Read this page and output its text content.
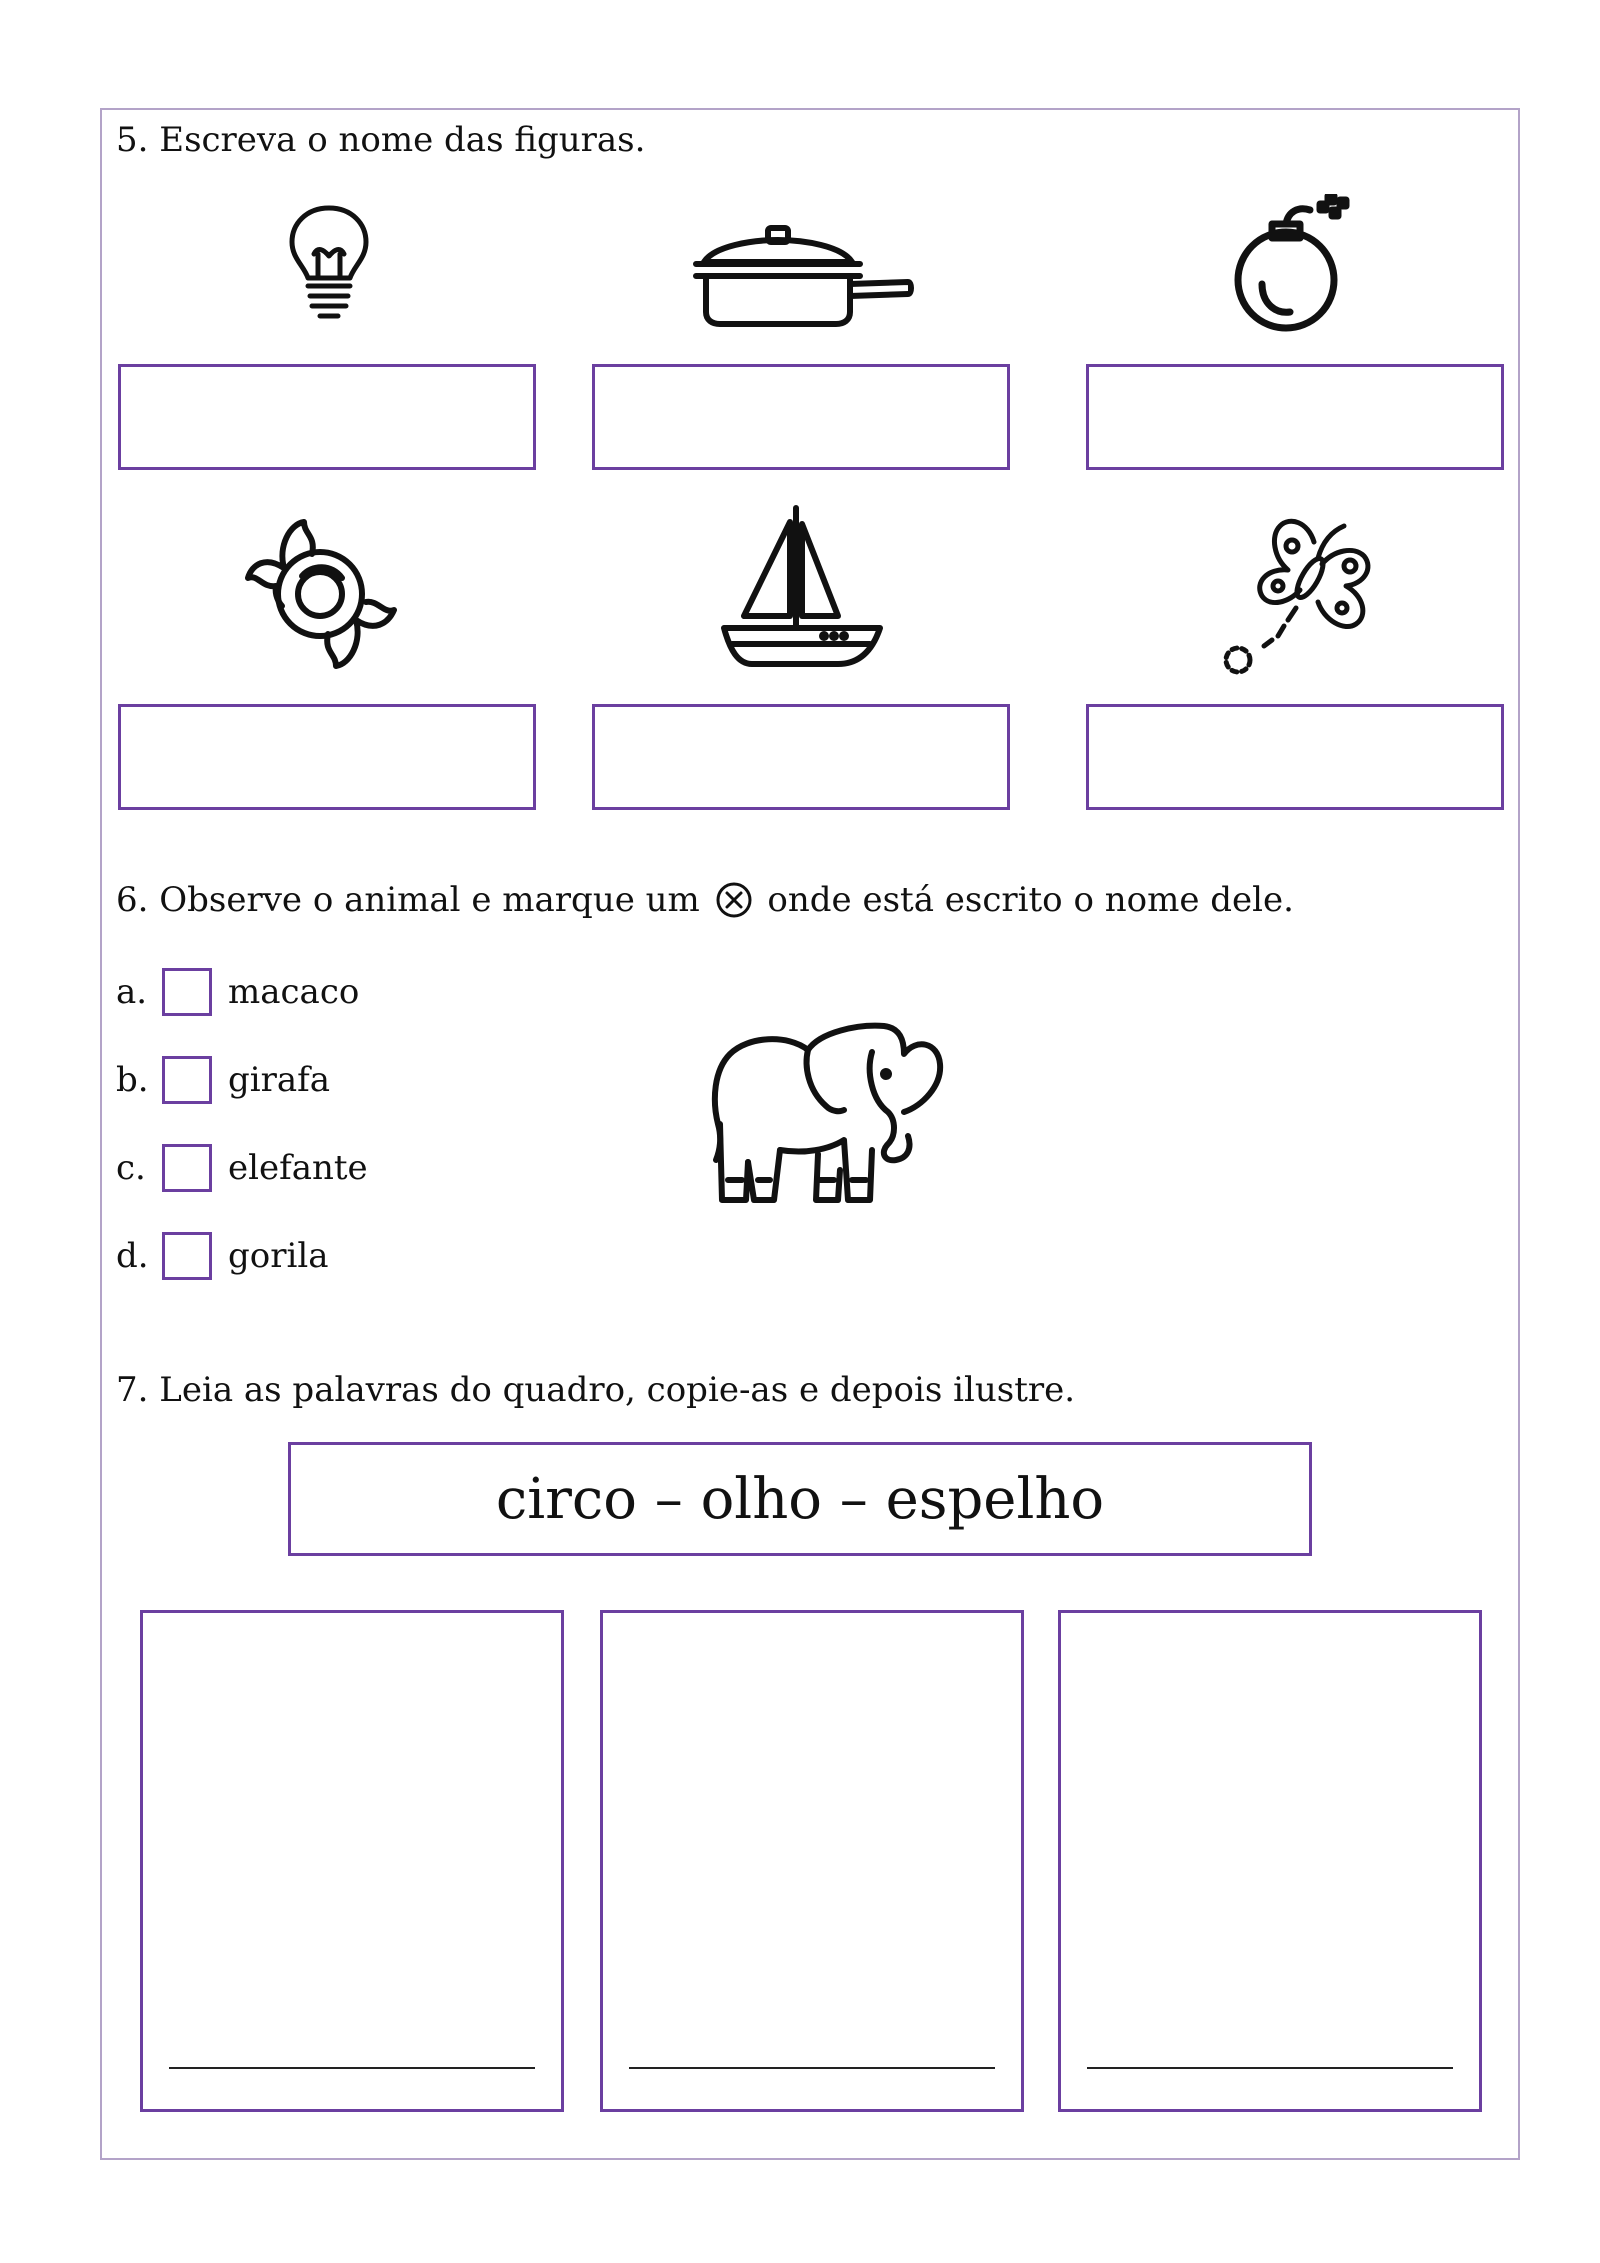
5. Escreva o nome das figuras.
6. Observe o animal e marque um onde está escrito o nome dele.
a.	macaco
b.	girafa
c.	elefante
d.	gorila
7. Leia as palavras do quadro, copie-as e depois ilustre.
circo – olho – espelho
